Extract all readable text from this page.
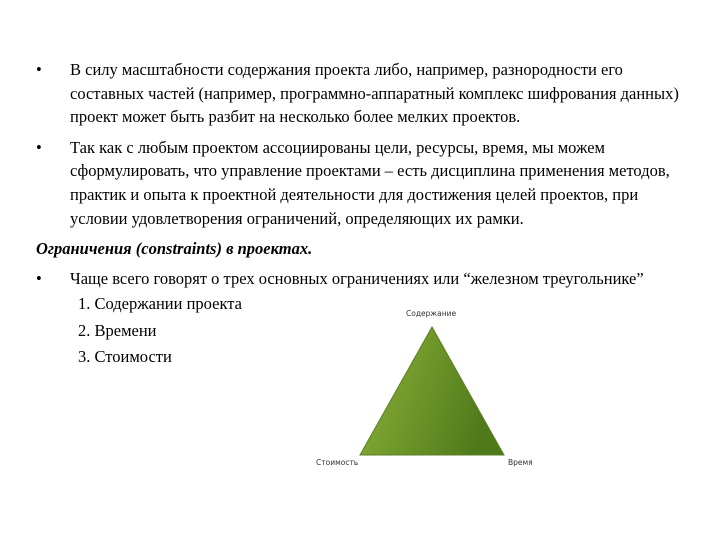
• В силу масштабности содержания проекта либо, например, разнородности его составных частей (например, программно-аппаратный комплекс шифрования данных) проект может быть разбит на несколько более мелких проектов.
• Так как с любым проектом ассоциированы цели, ресурсы, время, мы можем сформулировать, что управление проектами – есть дисциплина применения методов, практик и опыта к проектной деятельности для достижения целей проектов, при условии удовлетворения ограничений, определяющих их рамки.
Ограничения (constraints) в проектах.
• Чаще всего говорят о трех основных ограничениях или “железном треугольнике”
1. Содержании проекта
2. Времени
3. Стоимости
Содержание
Стоимость	Время
